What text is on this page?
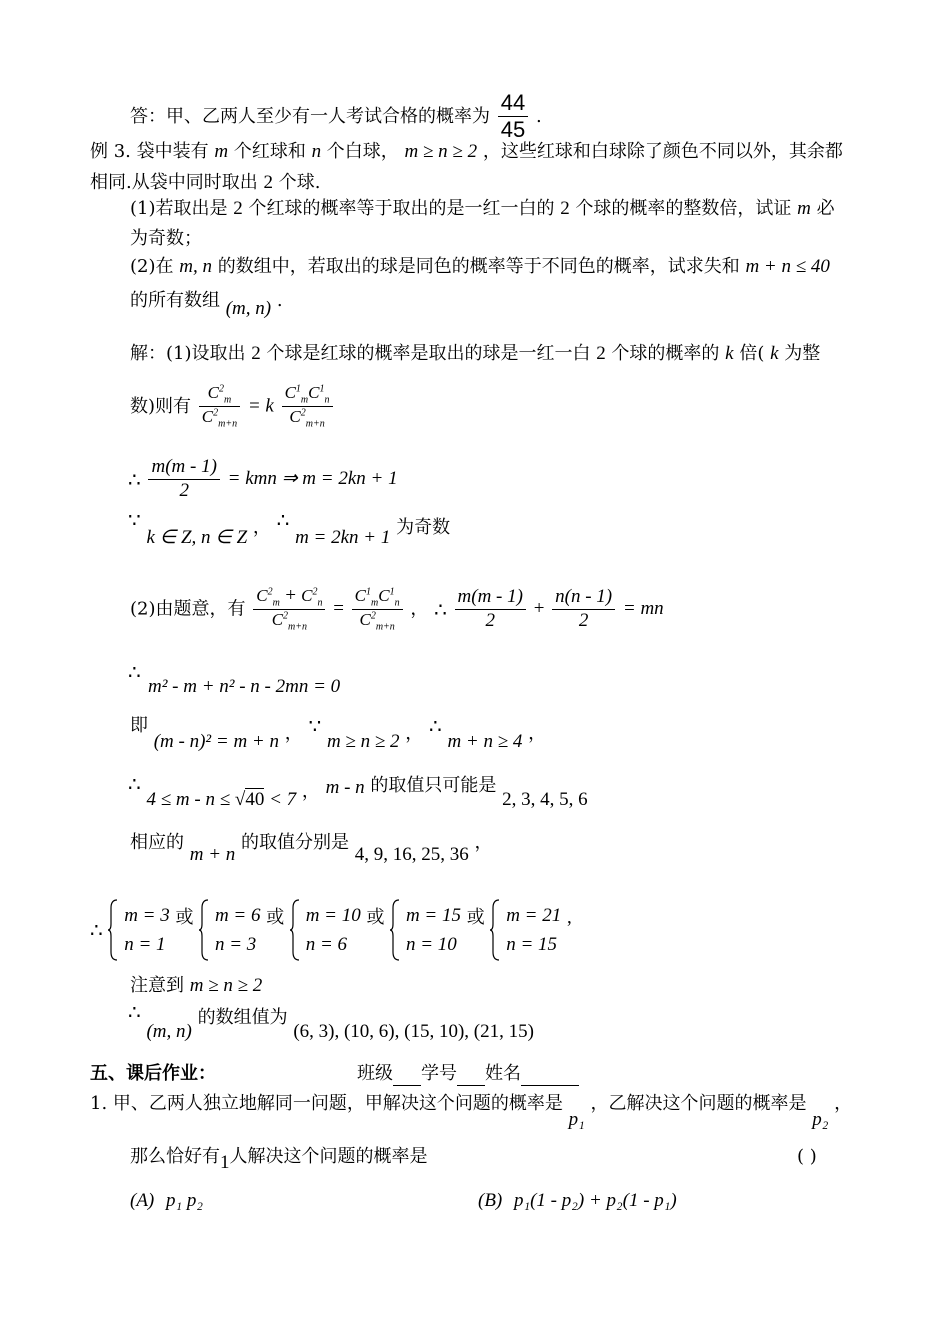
答：甲、乙两人至少有一人考试合格的概率为 $\frac{44}{45}$ .
例 3. 袋中装有 m 个红球和 n 个白球， m ≥ n ≥ 2 ，这些红球和白球除了颜色不同以外，其余都
相同.从袋中同时取出 2 个球.
(1)若取出是 2 个红球的概率等于取出的是一红一白的 2 个球的概率的整数倍，试证 m 必
为奇数；
(2)在 m, n 的数组中，若取出的球是同色的概率等于不同色的概率，试求失和 m + n ≤ 40
的所有数组 (m, n) .
解：(1)设取出 2 个球是红球的概率是取出的球是一红一白 2 个球的概率的 k 倍( k 为整
数)则有 $\frac{C^2_m}{C^2_{m+n}} = k \frac{C^1_mC^1_n}{C^2_{m+n}}$
∴ $\frac{m(m - 1)}{2}$ = kmn ⇒ m = 2kn + 1
∵ k ∈ Z, n ∈ Z ， ∴ m = 2kn + 1 为奇数
(2)由题意，有 $\frac{C^2_m + C^2_n}{C^2_{m+n}} = \frac{C^1_mC^1_n}{C^2_{m+n}}$ ， ∴ $\frac{m(m - 1)}{2} + \frac{n(n - 1)}{2}$ = mn
∴
m² - m + n² - n - 2mn = 0
即 (m - n)² = m + n ， ∵ m ≥ n ≥ 2 ， ∴ m + n ≥ 4 ，
∴ 4 ≤ m - n ≤ √40 < 7 ， m - n 的取值只可能是 2, 3, 4, 5, 6
相应的 m + n 的取值分别是 4, 9, 16, 25, 36 ，
∴  m = 3
n = 1 或 m = 6
n = 3 或 m = 10
n = 6 或 m = 15
n = 10 或 m = 21
n = 15 ,
注意到 m ≥ n ≥ 2
∴ (m, n) 的数组值为 (6, 3), (10, 6), (15, 10), (21, 15)
五、课后作业：	班级 学号 姓名
1. 甲、乙两人独立地解同一问题，甲解决这个问题的概率是 p₁ ，乙解决这个问题的概率是 p₂ ，
那么恰好有1人解决这个问题的概率是	( )
(A) p₁ p₂	(B) p₁(1 - p₂) + p₂(1 - p₁)
